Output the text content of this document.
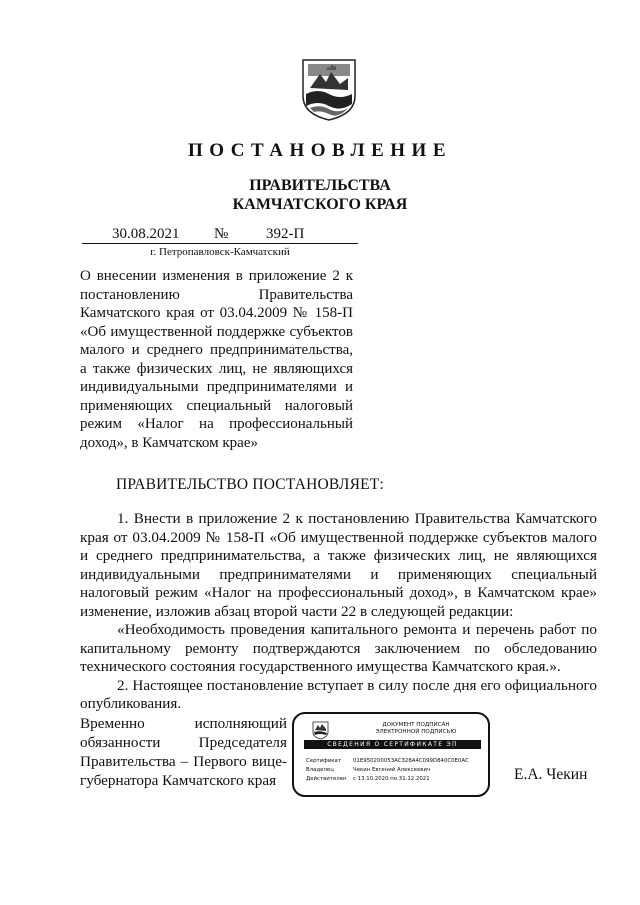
ПОСТАНОВЛЕНИЕ
ПРАВИТЕЛЬСТВА
КАМЧАТСКОГО КРАЯ
30.08.2021 №	392-П
г. Петропавловск-Камчатский
О внесении изменения в приложение 2 к постановлению Правительства Камчатского края от 03.04.2009 № 158-П «Об имущественной поддержке субъектов малого и среднего предпринимательства, а также физических лиц, не являющихся индивидуальными предпринимателями и применяющих специальный налоговый режим «Налог на профессиональный доход», в Камчатском крае»
ПРАВИТЕЛЬСТВО ПОСТАНОВЛЯЕТ:

1. Внести в приложение 2 к постановлению Правительства Камчатского края от 03.04.2009 № 158-П «Об имущественной поддержке субъектов малого и среднего предпринимательства, а также физических лиц, не являющихся индивидуальными предпринимателями и применяющих специальный налоговый режим «Налог на профессиональный доход», в Камчатском крае» изменение, изложив абзац второй части 22 в следующей редакции:

«Необходимость проведения капитального ремонта и перечень работ по капитальному ремонту подтверждаются заключением по обследованию технического состояния государственного имущества Камчатского края.».

2. Настоящее постановление вступает в силу после дня его официального опубликования.

Временно исполняющий обязанности Председателя Правительства – Первого вице-губернатора Камчатского края
ДОКУМЕНТ ПОДПИСАН
ЭЛЕКТРОННОЙ ПОДПИСЬЮ
СВЕДЕНИЯ О СЕРТИФИКАТЕ ЭП
Сертификат 01E950200053AC328A4C099D840C0E0AC
Владелец	Чекин Евгений Алексеевич
Действителен с 13.10.2020 по 31.12.2021	Е.А. Чекин
